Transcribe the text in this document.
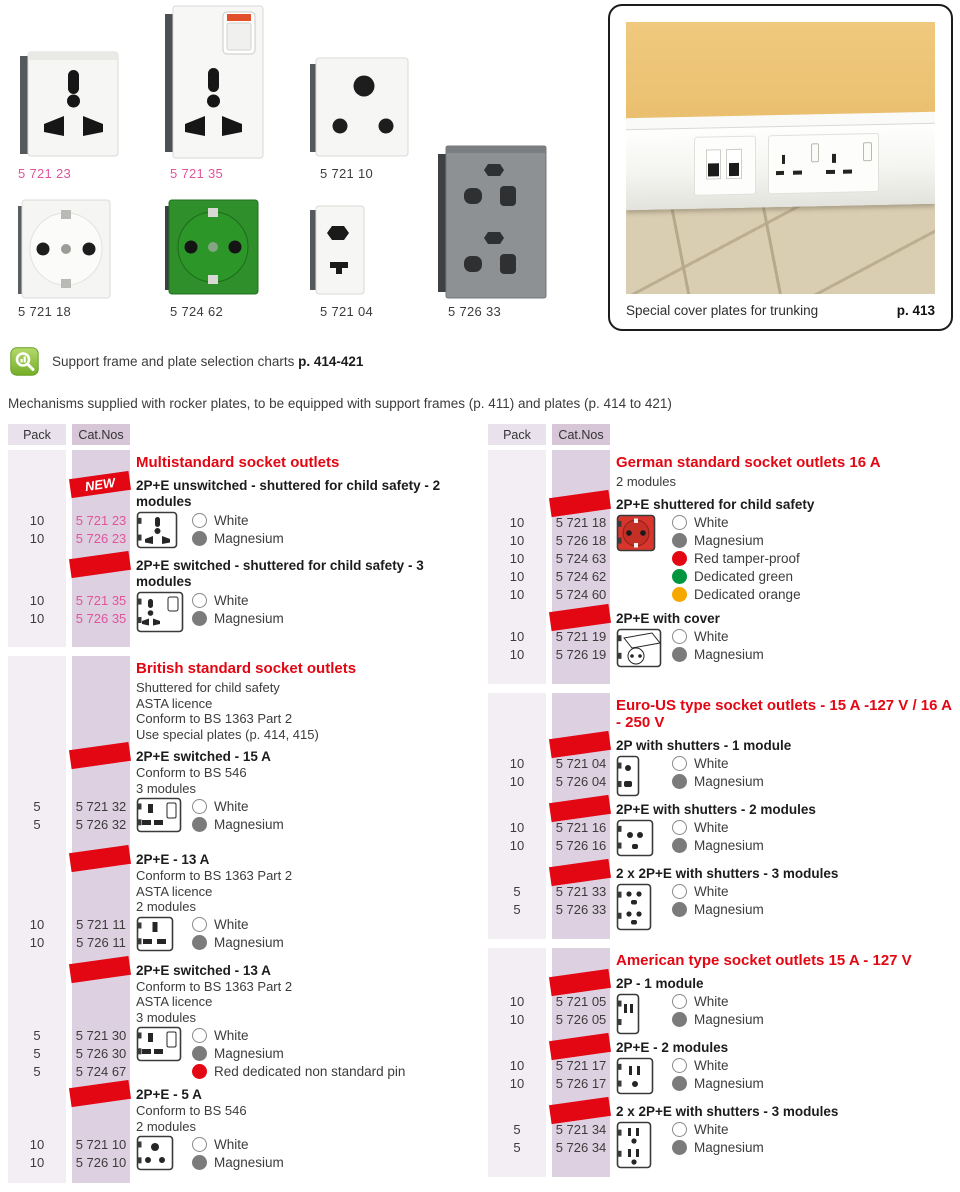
5 721 23	5 721 35	5 721 10
5 726 33
5 721 18	5 724 62	5 721 04	Special cover plates for trunking	p. 413
Support frame and plate selection charts p. 414-421

Mechanisms supplied with rocker plates, to be equipped with support frames (p. 411) and plates (p. 414 to 421)

Pack	Cat.Nos
Multistandard socket outlets
NEW	2P+E unswitched - shuttered for child safety - 2 modules
10	5 721 23	White
10	5 726 23	Magnesium
2P+E switched - shuttered for child safety - 3 modules
10	5 721 35	White
10	5 726 35	Magnesium
British standard socket outlets

Shuttered for child safety

ASTA licence

Conform to BS 1363 Part 2

Use special plates (p. 414, 415)

2P+E switched - 15 A

Conform to BS 546

3 modules

5	5 721 32	White
5	5 726 32	Magnesium
2P+E - 13 A

Conform to BS 1363 Part 2

ASTA licence

2 modules

10	5 721 11	White
10	5 726 11	Magnesium
2P+E switched - 13 A

Conform to BS 1363 Part 2

ASTA licence

3 modules

5	5 721 30	White
5	5 726 30	Magnesium
5	5 724 67	Red dedicated non standard pin
2P+E - 5 A

Conform to BS 546

2 modules

10	5 721 10	White
10	5 726 10	Magnesium
Pack	Cat.Nos
German standard socket outlets 16 A

2 modules

2P+E shuttered for child safety
10	5 721 18	White
10	5 726 18	Magnesium
10	5 724 63	Red tamper-proof
10	5 724 62	Dedicated green
10	5 724 60	Dedicated orange
2P+E with cover
10	5 721 19	White
10	5 726 19	Magnesium
Euro-US type socket outlets - 15 A -127 V / 16 A - 250 V
2P with shutters - 1 module
10	5 721 04	White
10	5 726 04	Magnesium
2P+E with shutters - 2 modules
10	5 721 16	White
10	5 726 16	Magnesium
2 x 2P+E with shutters - 3 modules
5	5 721 33	White
5	5 726 33	Magnesium
American type socket outlets 15 A - 127 V
2P - 1 module
10	5 721 05	White
10	5 726 05	Magnesium
2P+E - 2 modules
10	5 721 17	White
10	5 726 17	Magnesium
2 x 2P+E with shutters - 3 modules
5	5 721 34	White
5	5 726 34	Magnesium
